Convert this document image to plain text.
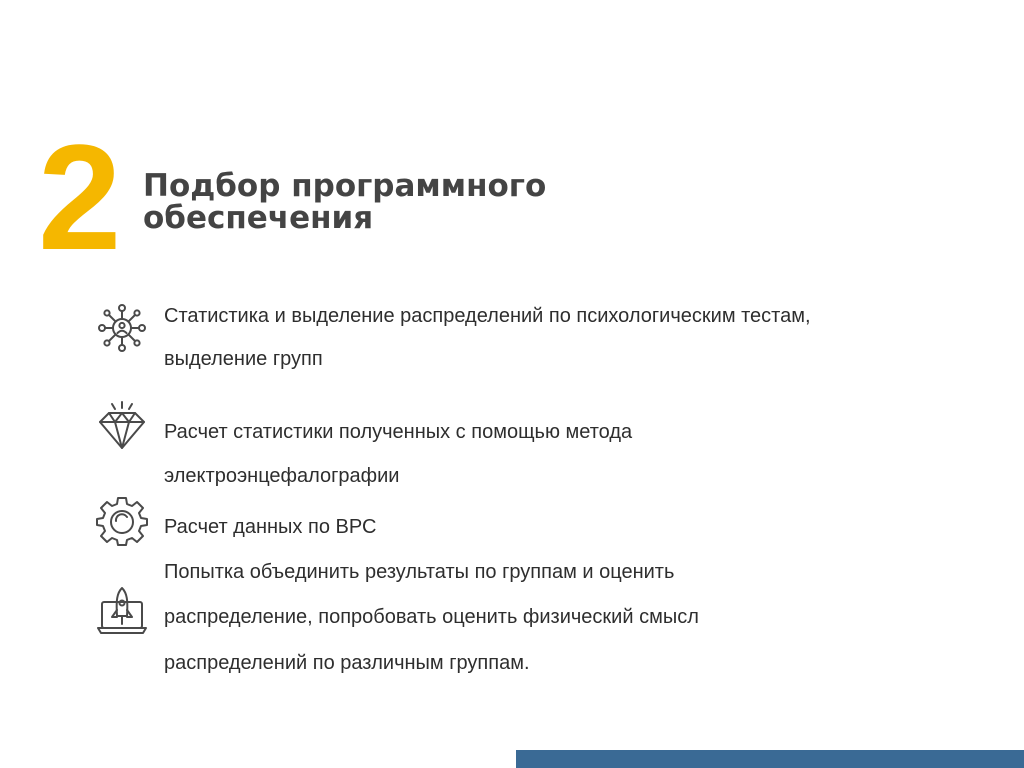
2 Подбор программного
обеспечения
Статистика и выделение распределений по психологическим тестам,
выделение групп
Расчет статистики полученных с помощью метода
электроэнцефалографии
Расчет данных по ВРС
Попытка объединить результаты по группам и оценить
распределение, попробовать оценить физический смысл
распределений по различным группам.
